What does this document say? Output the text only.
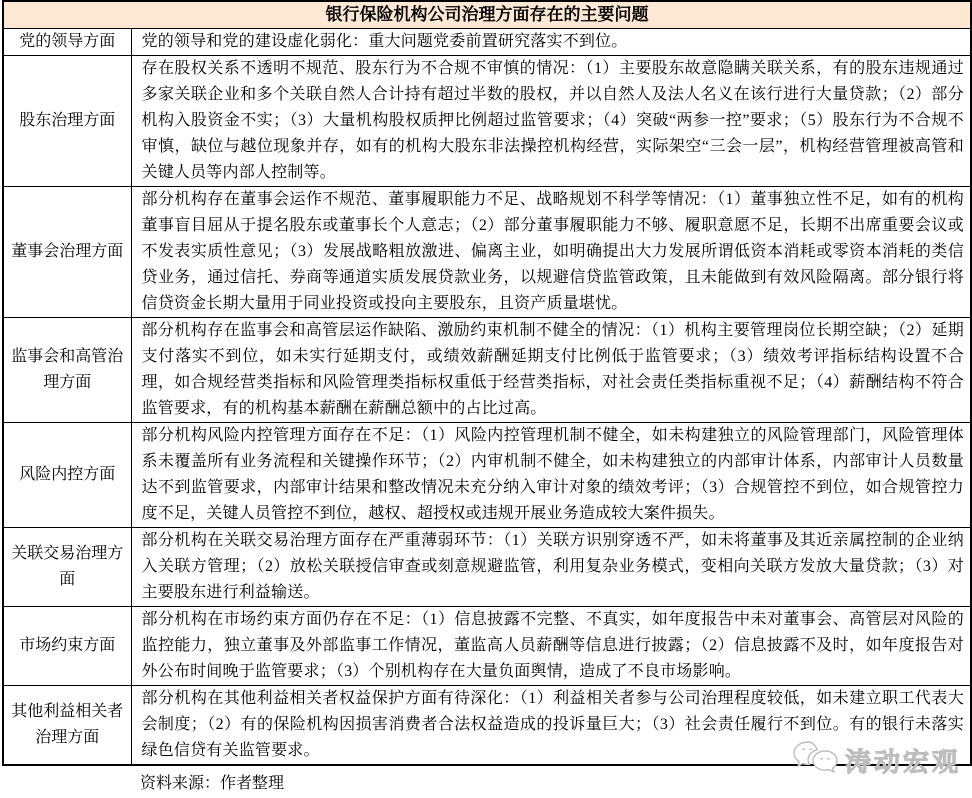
银行保险机构公司治理方面存在的主要问题	
党的领导方面	党的领导和党的建设虚化弱化：重大问题党委前置研究落实不到位。
股东治理方面	存在股权关系不透明不规范、股东行为不合规不审慎的情况：（1）主要股东故意隐瞒关联关系，有的股东违规通过多家关联企业和多个关联自然人合计持有超过半数的股权，并以自然人及法人名义在该行进行大量贷款；（2）部分机构入股资金不实；（3）大量机构股权质押比例超过监管要求；（4）突破“两参一控”要求；（5）股东行为不合规不审慎，缺位与越位现象并存，如有的机构大股东非法操控机构经营，实际架空“三会一层”，机构经营管理被高管和关键人员等内部人控制等。
董事会治理方面	部分机构存在董事会运作不规范、董事履职能力不足、战略规划不科学等情况：（1）董事独立性不足，如有的机构董事盲目屈从于提名股东或董事长个人意志；（2）部分董事履职能力不够、履职意愿不足，长期不出席重要会议或不发表实质性意见；（3）发展战略粗放激进、偏离主业，如明确提出大力发展所谓低资本消耗或零资本消耗的类信贷业务，通过信托、券商等通道实质发展贷款业务，以规避信贷监管政策，且未能做到有效风险隔离。部分银行将信贷资金长期大量用于同业投资或投向主要股东，且资产质量堪忧。
监事会和高管治理方面	部分机构存在监事会和高管层运作缺陷、激励约束机制不健全的情况：（1）机构主要管理岗位长期空缺；（2）延期支付落实不到位，如未实行延期支付，或绩效薪酬延期支付比例低于监管要求；（3）绩效考评指标结构设置不合理，如合规经营类指标和风险管理类指标权重低于经营类指标，对社会责任类指标重视不足；（4）薪酬结构不符合监管要求，有的机构基本薪酬在薪酬总额中的占比过高。
风险内控方面	部分机构风险内控管理方面存在不足：（1）风险内控管理机制不健全，如未构建独立的风险管理部门，风险管理体系未覆盖所有业务流程和关键操作环节；（2）内审机制不健全，如未构建独立的内部审计体系，内部审计人员数量达不到监管要求，内部审计结果和整改情况未充分纳入审计对象的绩效考评；（3）合规管控不到位，如合规管控力度不足，关键人员管控不到位，越权、超授权或违规开展业务造成较大案件损失。
关联交易治理方面	部分机构在关联交易治理方面存在严重薄弱环节：（1）关联方识别穿透不严，如未将董事及其近亲属控制的企业纳入关联方管理；（2）放松关联授信审查或刻意规避监管，利用复杂业务模式，变相向关联方发放大量贷款；（3）对主要股东进行利益输送。
市场约束方面	部分机构在市场约束方面仍存在不足：（1）信息披露不完整、不真实，如年度报告中未对董事会、高管层对风险的监控能力，独立董事及外部监事工作情况，董监高人员薪酬等信息进行披露；（2）信息披露不及时，如年度报告对外公布时间晚于监管要求；（3）个别机构存在大量负面舆情，造成了不良市场影响。
其他利益相关者治理方面	部分机构在其他利益相关者权益保护方面有待深化：（1）利益相关者参与公司治理程度较低，如未建立职工代表大会制度；（2）有的保险机构因损害消费者合法权益造成的投诉量巨大；（3）社会责任履行不到位。有的银行未落实绿色信贷有关监管要求。
资料来源：作者整理
涛动宏观
